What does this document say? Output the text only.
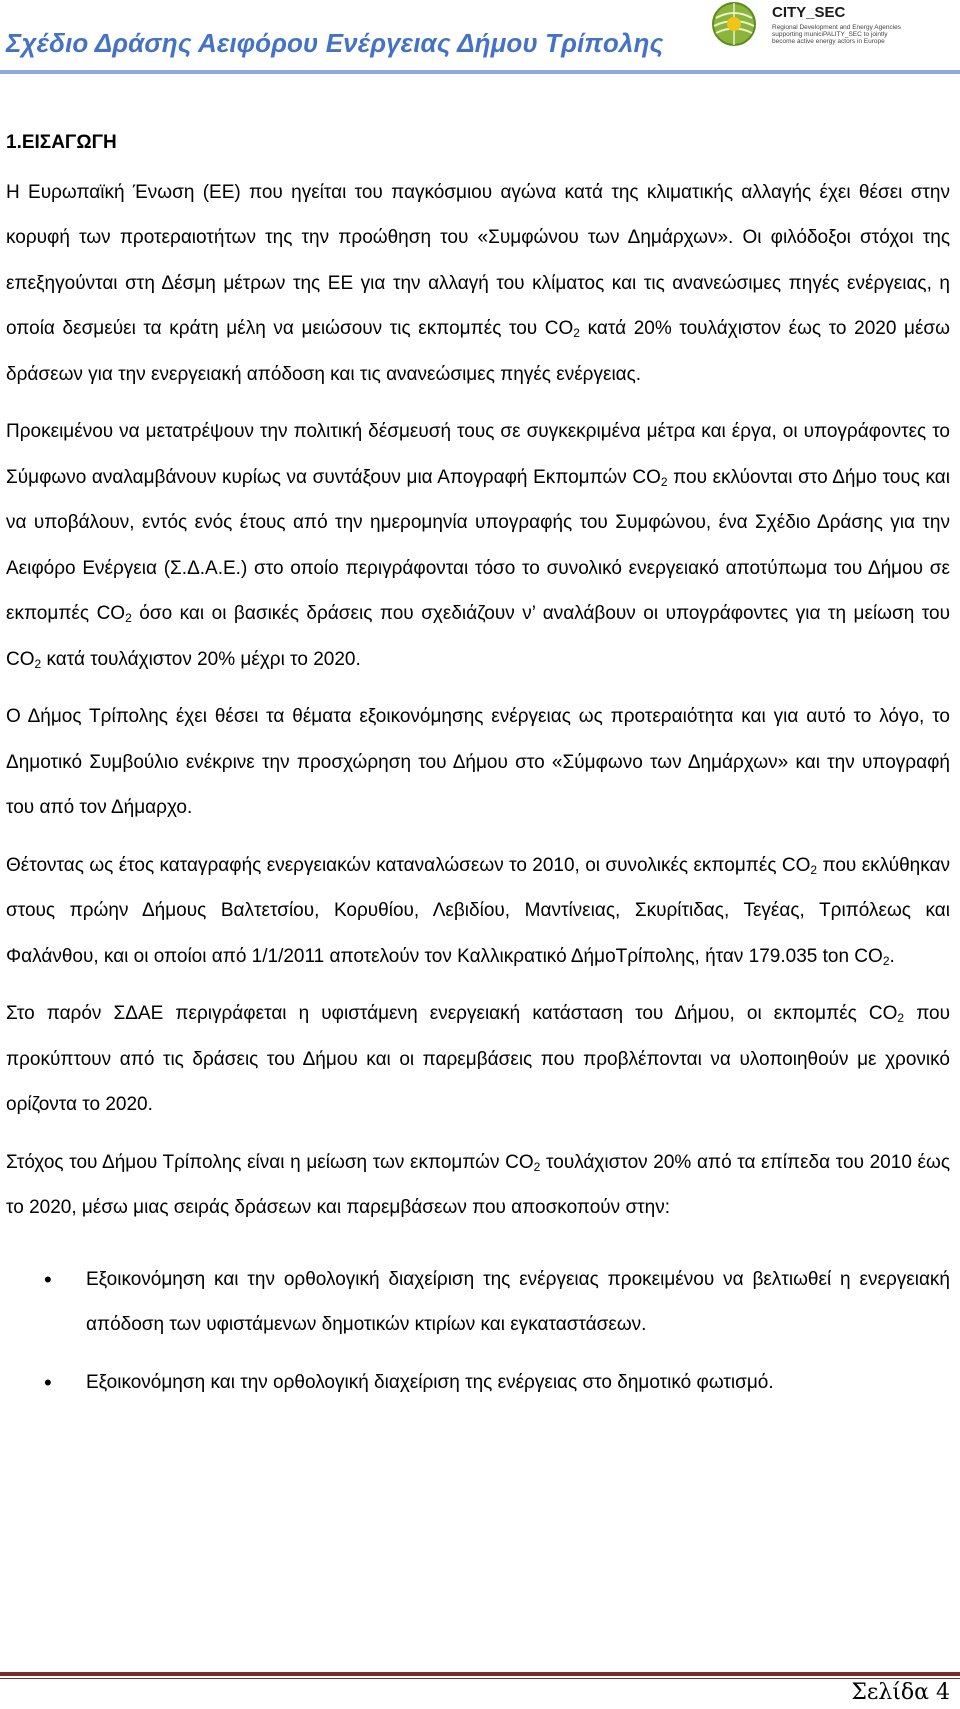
Σχέδιο Δράσης Αειφόρου Ενέργειας Δήμου Τρίπολης
CITY_SEC
Regional Development and Energy Agencies
supporting municiPALITY_SEC to jointly
become active energy actors in Europe
1.ΕΙΣΑΓΩΓΗ

Η Ευρωπαϊκή Ένωση (ΕΕ) που ηγείται του παγκόσμιου αγώνα κατά της κλιματικής αλλαγής έχει θέσει στην κορυφή των προτεραιοτήτων της την προώθηση του «Συμφώνου των Δημάρχων». Οι φιλόδοξοι στόχοι της επεξηγούνται στη Δέσμη μέτρων της ΕΕ για την αλλαγή του κλίματος και τις ανανεώσιμες πηγές ενέργειας, η οποία δεσμεύει τα κράτη μέλη να μειώσουν τις εκπομπές του $CO_2$ κατά 20% τουλάχιστον έως το 2020 μέσω δράσεων για την ενεργειακή απόδοση και τις ανανεώσιμες πηγές ενέργειας.

Προκειμένου να μετατρέψουν την πολιτική δέσμευσή τους σε συγκεκριμένα μέτρα και έργα, οι υπογράφοντες το Σύμφωνο αναλαμβάνουν κυρίως να συντάξουν μια Απογραφή Εκπομπών $CO_2$ που εκλύονται στο Δήμο τους και να υποβάλουν, εντός ενός έτους από την ημερομηνία υπογραφής του Συμφώνου, ένα Σχέδιο Δράσης για την Αειφόρο Ενέργεια (Σ.Δ.Α.Ε.) στο οποίο περιγράφονται τόσο το συνολικό ενεργειακό αποτύπωμα του Δήμου σε εκπομπές $CO_2$ όσο και οι βασικές δράσεις που σχεδιάζουν ν’ αναλάβουν οι υπογράφοντες για τη μείωση του $CO_2$ κατά τουλάχιστον 20% μέχρι το 2020.

Ο Δήμος Τρίπολης έχει θέσει τα θέματα εξοικονόμησης ενέργειας ως προτεραιότητα και για αυτό το λόγο, το Δημοτικό Συμβούλιο ενέκρινε την προσχώρηση του Δήμου στο «Σύμφωνο των Δημάρχων» και την υπογραφή του από τον Δήμαρχο.

Θέτοντας ως έτος καταγραφής ενεργειακών καταναλώσεων το 2010, οι συνολικές εκπομπές $CO_2$ που εκλύθηκαν στους πρώην Δήμους Βαλτετσίου, Κορυθίου, Λεβιδίου, Μαντίνειας, Σκυρίτιδας, Τεγέας, Τριπόλεως και Φαλάνθου, και οι οποίοι από 1/1/2011 αποτελούν τον Καλλικρατικό ΔήμοΤρίπολης, ήταν 179.035 ton $CO_2$.

Στο παρόν ΣΔΑΕ περιγράφεται η υφιστάμενη ενεργειακή κατάσταση του Δήμου, οι εκπομπές $CO_2$ που προκύπτουν από τις δράσεις του Δήμου και οι παρεμβάσεις που προβλέπονται να υλοποιηθούν με χρονικό ορίζοντα το 2020.

Στόχος του Δήμου Τρίπολης είναι η μείωση των εκπομπών $CO_2$ τουλάχιστον 20% από τα επίπεδα του 2010 έως το 2020, μέσω μιας σειράς δράσεων και παρεμβάσεων που αποσκοπούν στην:

• Εξοικονόμηση και την ορθολογική διαχείριση της ενέργειας προκειμένου να βελτιωθεί η ενεργειακή απόδοση των υφιστάμενων δημοτικών κτιρίων και εγκαταστάσεων.
• Εξοικονόμηση και την ορθολογική διαχείριση της ενέργειας στο δημοτικό φωτισμό.
Σελίδα 4
